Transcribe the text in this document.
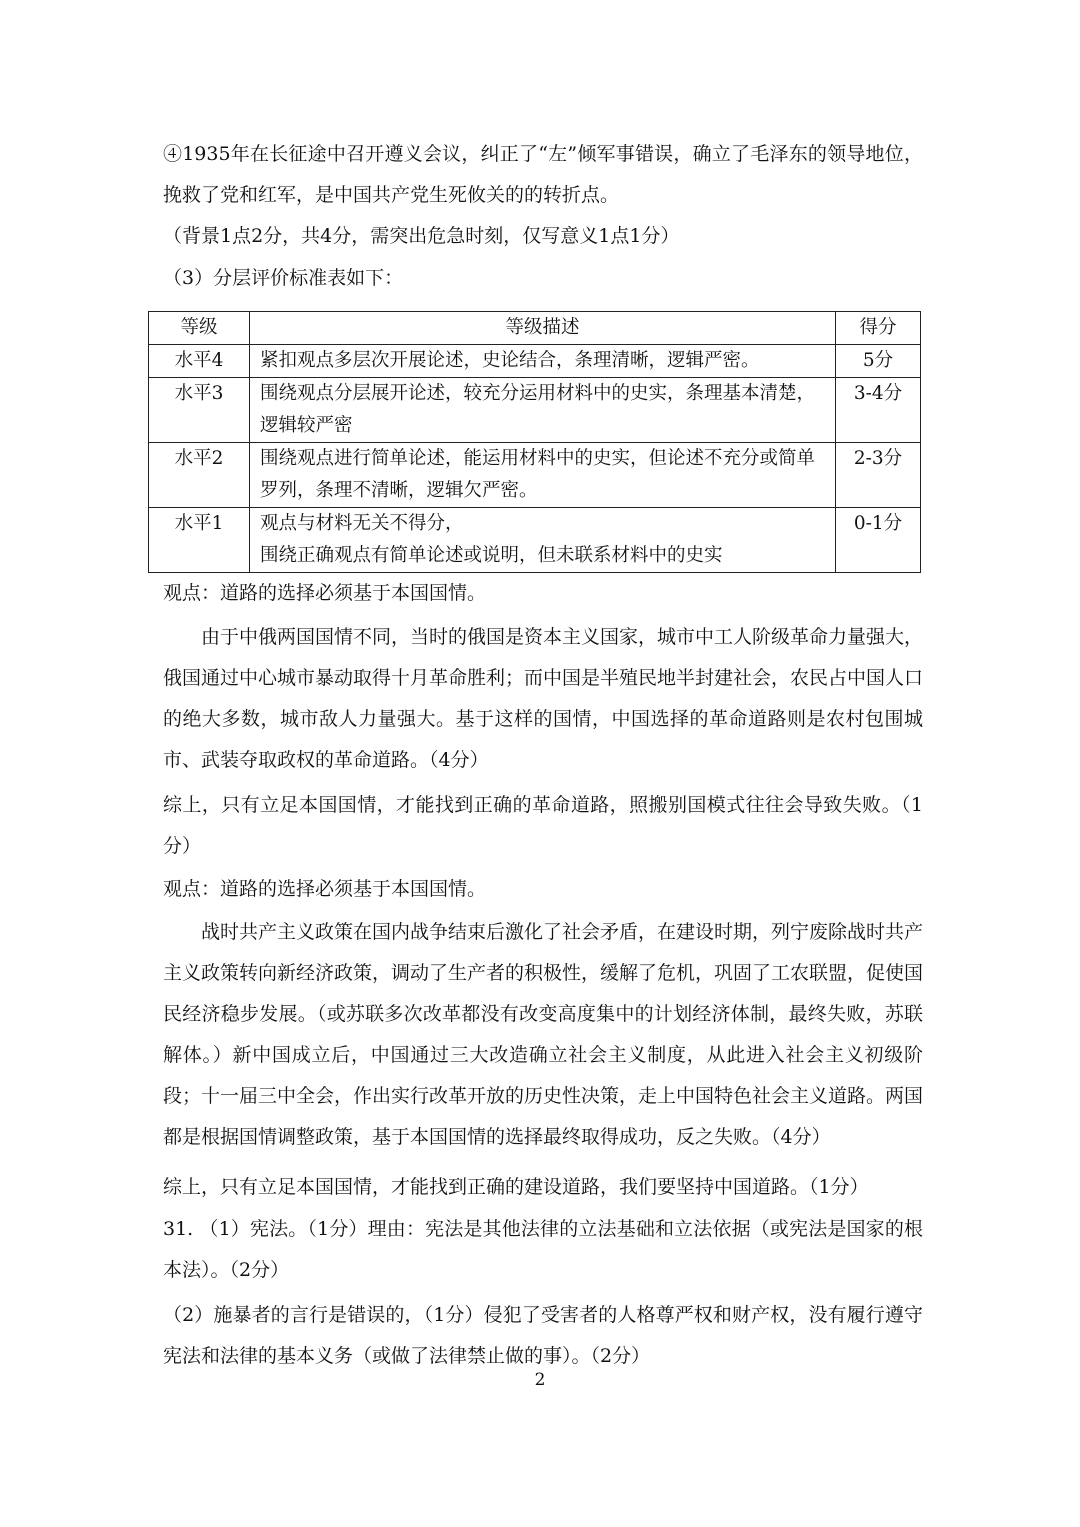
④1935年在长征途中召开遵义会议，纠正了“左”倾军事错误，确立了毛泽东的领导地位，挽救了党和红军，是中国共产党生死攸关的的转折点。
（背景1点2分，共4分，需突出危急时刻，仅写意义1点1分）
（3）分层评价标准表如下：
等级	等级描述	得分
水平4	紧扣观点多层次开展论述，史论结合，条理清晰，逻辑严密。	5分
水平3	围绕观点分层展开论述，较充分运用材料中的史实，条理基本清楚，逻辑较严密	3-4分
水平2	围绕观点进行简单论述，能运用材料中的史实，但论述不充分或简单罗列，条理不清晰，逻辑欠严密。	2-3分
水平1	观点与材料无关不得分，
围绕正确观点有简单论述或说明，但未联系材料中的史实	0-1分
观点：道路的选择必须基于本国国情。
由于中俄两国国情不同，当时的俄国是资本主义国家，城市中工人阶级革命力量强大，俄国通过中心城市暴动取得十月革命胜利；而中国是半殖民地半封建社会，农民占中国人口的绝大多数，城市敌人力量强大。基于这样的国情，中国选择的革命道路则是农村包围城市、武装夺取政权的革命道路。（4分）
综上，只有立足本国国情，才能找到正确的革命道路，照搬别国模式往往会导致失败。（1分）
观点：道路的选择必须基于本国国情。
战时共产主义政策在国内战争结束后激化了社会矛盾，在建设时期，列宁废除战时共产主义政策转向新经济政策，调动了生产者的积极性，缓解了危机，巩固了工农联盟，促使国民经济稳步发展。（或苏联多次改革都没有改变高度集中的计划经济体制，最终失败，苏联解体。）新中国成立后，中国通过三大改造确立社会主义制度，从此进入社会主义初级阶段；十一届三中全会，作出实行改革开放的历史性决策，走上中国特色社会主义道路。两国都是根据国情调整政策，基于本国国情的选择最终取得成功，反之失败。（4分）
综上，只有立足本国国情，才能找到正确的建设道路，我们要坚持中国道路。（1分）
31. （1）宪法。（1分）理由：宪法是其他法律的立法基础和立法依据（或宪法是国家的根本法）。（2分）
（2）施暴者的言行是错误的，（1分）侵犯了受害者的人格尊严权和财产权，没有履行遵守宪法和法律的基本义务（或做了法律禁止做的事）。（2分）
2
